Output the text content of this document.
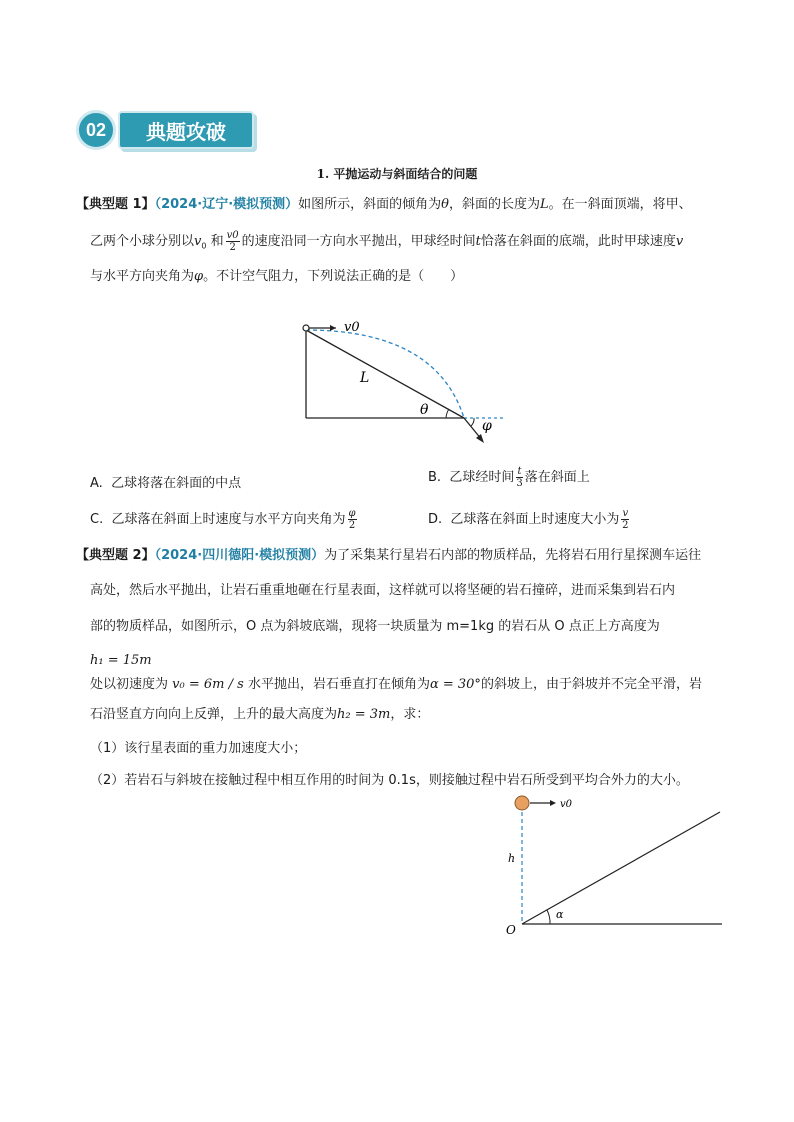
02	典题攻破
1. 平抛运动与斜面结合的问题
【典型题 1】（2024·辽宁·模拟预测）如图所示，斜面的倾角为θ，斜面的长度为L。在一斜面顶端，将甲、
乙两个小球分别以$v_0$ 和 $\frac{v0}{2}$ 的速度沿同一方向水平抛出，甲球经时间t恰落在斜面的底端，此时甲球速度v
与水平方向夹角为φ。不计空气阻力，下列说法正确的是（　　）
v0
L
θ
φ
A. 乙球将落在斜面的中点	B. 乙球经时间 $\frac{t}{3}$ 落在斜面上
C. 乙球落在斜面上时速度与水平方向夹角为 $\frac{\varphi}{2}$	D. 乙球落在斜面上时速度大小为 $\frac{v}{2}$
【典型题 2】（2024·四川德阳·模拟预测）为了采集某行星岩石内部的物质样品，先将岩石用行星探测车运往
高处，然后水平抛出，让岩石重重地砸在行星表面，这样就可以将坚硬的岩石撞碎，进而采集到岩石内
部的物质样品，如图所示，O 点为斜坡底端，现将一块质量为 m=1kg 的岩石从 O 点正上方高度为
h₁ = 15m
处以初速度为 v₀ = 6m / s 水平抛出，岩石垂直打在倾角为α = 30°的斜坡上，由于斜坡并不完全平滑，岩
石沿竖直方向向上反弹，上升的最大高度为h₂ = 3m，求：
（1）该行星表面的重力加速度大小；
（2）若岩石与斜坡在接触过程中相互作用的时间为 0.1s，则接触过程中岩石所受到平均合外力的大小。
v0
h
α
O
